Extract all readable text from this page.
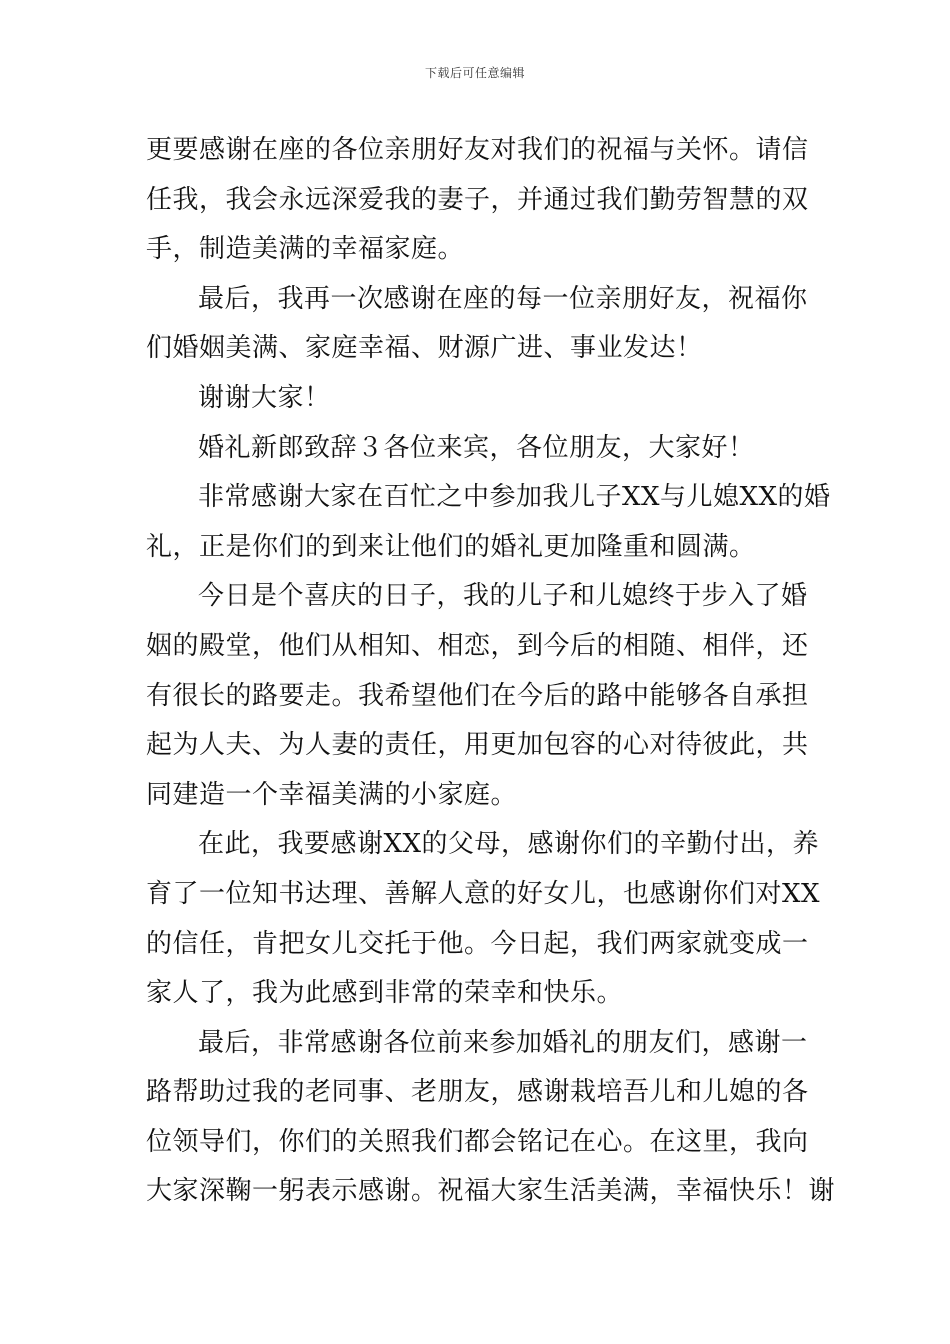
下载后可任意编辑
更要感谢在座的各位亲朋好友对我们的祝福与关怀。请信
任我，我会永远深爱我的妻子，并通过我们勤劳智慧的双
手，制造美满的幸福家庭。
最后，我再一次感谢在座的每一位亲朋好友，祝福你
们婚姻美满、家庭幸福、财源广进、事业发达！
谢谢大家！
婚礼新郎致辞３各位来宾，各位朋友，大家好！
非常感谢大家在百忙之中参加我儿子XX与儿媳XX的婚
礼，正是你们的到来让他们的婚礼更加隆重和圆满。
今日是个喜庆的日子，我的儿子和儿媳终于步入了婚
姻的殿堂，他们从相知、相恋，到今后的相随、相伴，还
有很长的路要走。我希望他们在今后的路中能够各自承担
起为人夫、为人妻的责任，用更加包容的心对待彼此，共
同建造一个幸福美满的小家庭。
在此，我要感谢XX的父母，感谢你们的辛勤付出，养
育了一位知书达理、善解人意的好女儿，也感谢你们对XX
的信任，肯把女儿交托于他。今日起，我们两家就变成一
家人了，我为此感到非常的荣幸和快乐。
最后，非常感谢各位前来参加婚礼的朋友们，感谢一
路帮助过我的老同事、老朋友，感谢栽培吾儿和儿媳的各
位领导们，你们的关照我们都会铭记在心。在这里，我向
大家深鞠一躬表示感谢。祝福大家生活美满，幸福快乐！谢
